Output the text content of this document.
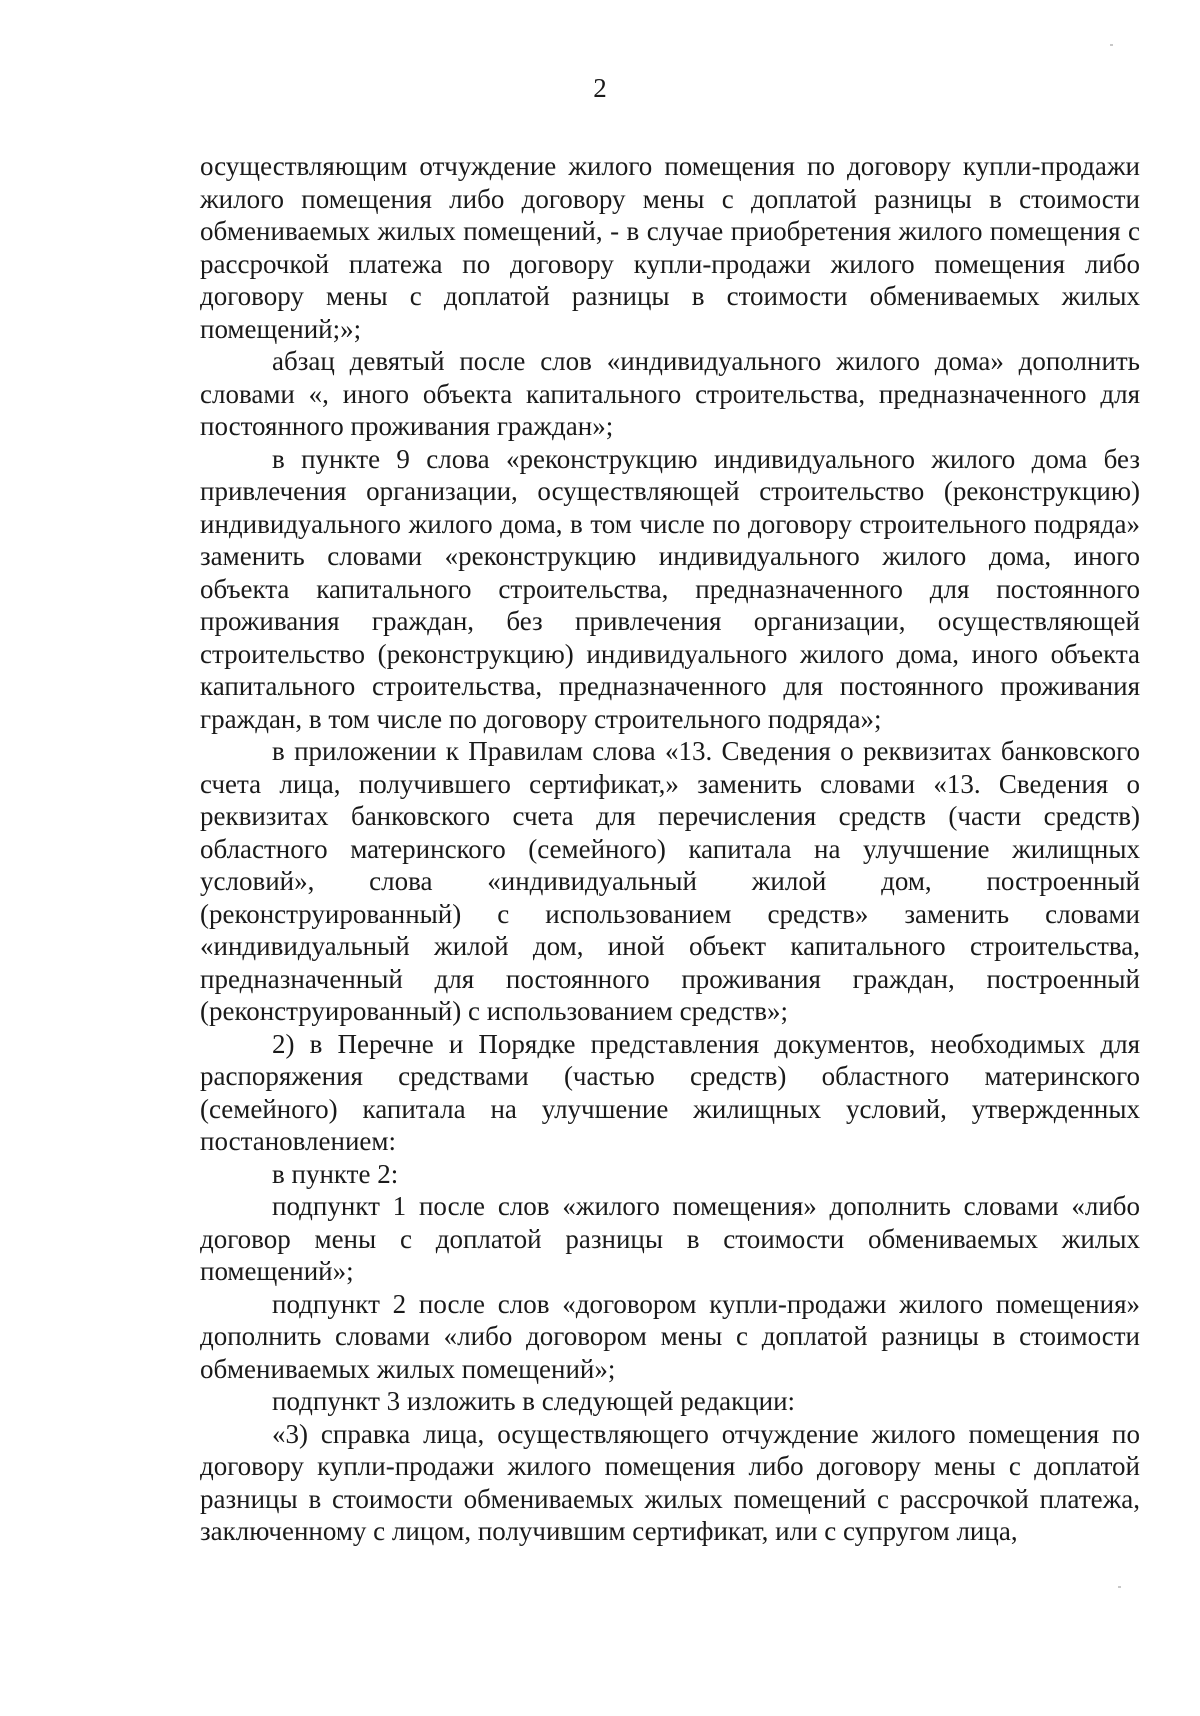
2

осуществляющим отчуждение жилого помещения по договору купли-продажи жилого помещения либо договору мены с доплатой разницы в стоимости обмениваемых жилых помещений, - в случае приобретения жилого помещения с рассрочкой платежа по договору купли-продажи жилого помещения либо договору мены с доплатой разницы в стоимости обмениваемых жилых помещений;»;

абзац девятый после слов «индивидуального жилого дома» дополнить словами «, иного объекта капитального строительства, предназначенного для постоянного проживания граждан»;

в пункте 9 слова «реконструкцию индивидуального жилого дома без привлечения организации, осуществляющей строительство (реконструкцию) индивидуального жилого дома, в том числе по договору строительного подряда» заменить словами «реконструкцию индивидуального жилого дома, иного объекта капитального строительства, предназначенного для постоянного проживания граждан, без привлечения организации, осуществляющей строительство (реконструкцию) индивидуального жилого дома, иного объекта капитального строительства, предназначенного для постоянного проживания граждан, в том числе по договору строительного подряда»;

в приложении к Правилам слова «13. Сведения о реквизитах банковского счета лица, получившего сертификат,» заменить словами «13. Сведения о реквизитах банковского счета для перечисления средств (части средств) областного материнского (семейного) капитала на улучшение жилищных условий», слова «индивидуальный жилой дом, построенный (реконструированный) с использованием средств» заменить словами «индивидуальный жилой дом, иной объект капитального строительства, предназначенный для постоянного проживания граждан, построенный (реконструированный) с использованием средств»;

2) в Перечне и Порядке представления документов, необходимых для распоряжения средствами (частью средств) областного материнского (семейного) капитала на улучшение жилищных условий, утвержденных постановлением:

в пункте 2:

подпункт 1 после слов «жилого помещения» дополнить словами «либо договор мены с доплатой разницы в стоимости обмениваемых жилых помещений»;

подпункт 2 после слов «договором купли-продажи жилого помещения» дополнить словами «либо договором мены с доплатой разницы в стоимости обмениваемых жилых помещений»;

подпункт 3 изложить в следующей редакции:

«3) справка лица, осуществляющего отчуждение жилого помещения по договору купли-продажи жилого помещения либо договору мены с доплатой разницы в стоимости обмениваемых жилых помещений с рассрочкой платежа, заключенному с лицом, получившим сертификат, или с супругом лица,
